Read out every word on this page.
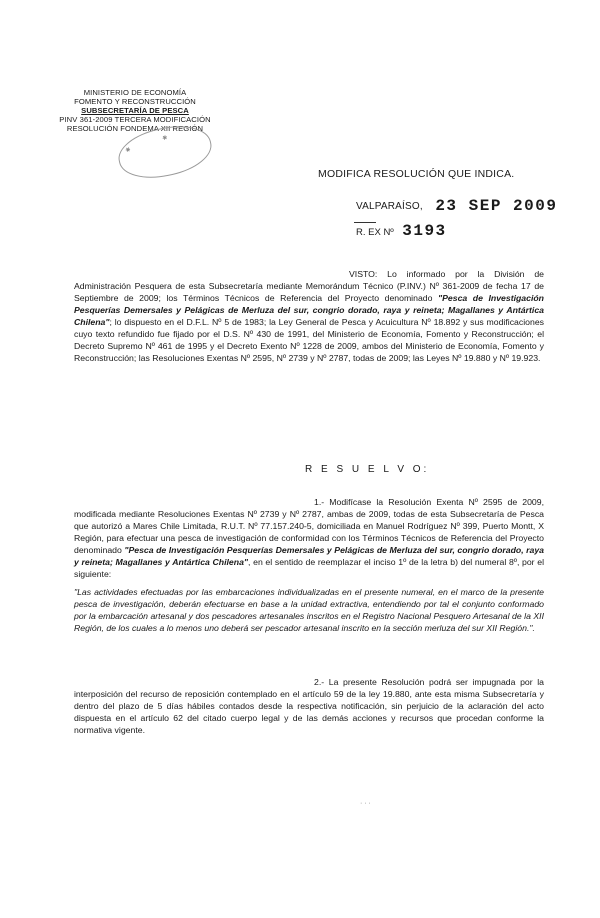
MINISTERIO DE ECONOMÍA
FOMENTO Y RECONSTRUCCIÓN
SUBSECRETARÍA DE PESCA
PINV 361-2009 TERCERA MODIFICACIÓN
RESOLUCIÓN FONDEMA XII REGIÓN
✱
✱
MODIFICA RESOLUCIÓN QUE INDICA.
VALPARAÍSO, 23 SEP 2009
R. EX Nº 3193

VISTO: Lo informado por la División de Administración Pesquera de esta Subsecretaría mediante Memorándum Técnico (P.INV.) Nº 361-2009 de fecha 17 de Septiembre de 2009; los Términos Técnicos de Referencia del Proyecto denominado "Pesca de Investigación Pesquerías Demersales y Pelágicas de Merluza del sur, congrio dorado, raya y reineta; Magallanes y Antártica Chilena"; lo dispuesto en el D.F.L. Nº 5 de 1983; la Ley General de Pesca y Acuicultura Nº 18.892 y sus modificaciones cuyo texto refundido fue fijado por el D.S. Nº 430 de 1991, del Ministerio de Economía, Fomento y Reconstrucción; el Decreto Supremo Nº 461 de 1995 y el Decreto Exento Nº 1228 de 2009, ambos del Ministerio de Economía, Fomento y Reconstrucción; las Resoluciones Exentas Nº 2595, Nº 2739 y Nº 2787, todas de 2009; las Leyes Nº 19.880 y Nº 19.923.

R E S U E L V O:

1.- Modifícase la Resolución Exenta Nº 2595 de 2009, modificada mediante Resoluciones Exentas Nº 2739 y Nº 2787, ambas de 2009, todas de esta Subsecretaría de Pesca que autorizó a Mares Chile Limitada, R.U.T. Nº 77.157.240-5, domiciliada en Manuel Rodríguez Nº 399, Puerto Montt, X Región, para efectuar una pesca de investigación de conformidad con los Términos Técnicos de Referencia del Proyecto denominado "Pesca de Investigación Pesquerías Demersales y Pelágicas de Merluza del sur, congrio dorado, raya y reineta; Magallanes y Antártica Chilena", en el sentido de reemplazar el inciso 1º de la letra b) del numeral 8º, por el siguiente:

"Las actividades efectuadas por las embarcaciones individualizadas en el presente numeral, en el marco de la presente pesca de investigación, deberán efectuarse en base a la unidad extractiva, entendiendo por tal el conjunto conformado por la embarcación artesanal y dos pescadores artesanales inscritos en el Registro Nacional Pesquero Artesanal de la XII Región, de los cuales a lo menos uno deberá ser pescador artesanal inscrito en la sección merluza del sur XII Región.".

2.- La presente Resolución podrá ser impugnada por la interposición del recurso de reposición contemplado en el artículo 59 de la ley 19.880, ante esta misma Subsecretaría y dentro del plazo de 5 días hábiles contados desde la respectiva notificación, sin perjuicio de la aclaración del acto dispuesta en el artículo 62 del citado cuerpo legal y de las demás acciones y recursos que procedan conforme la normativa vigente.

· · ·
